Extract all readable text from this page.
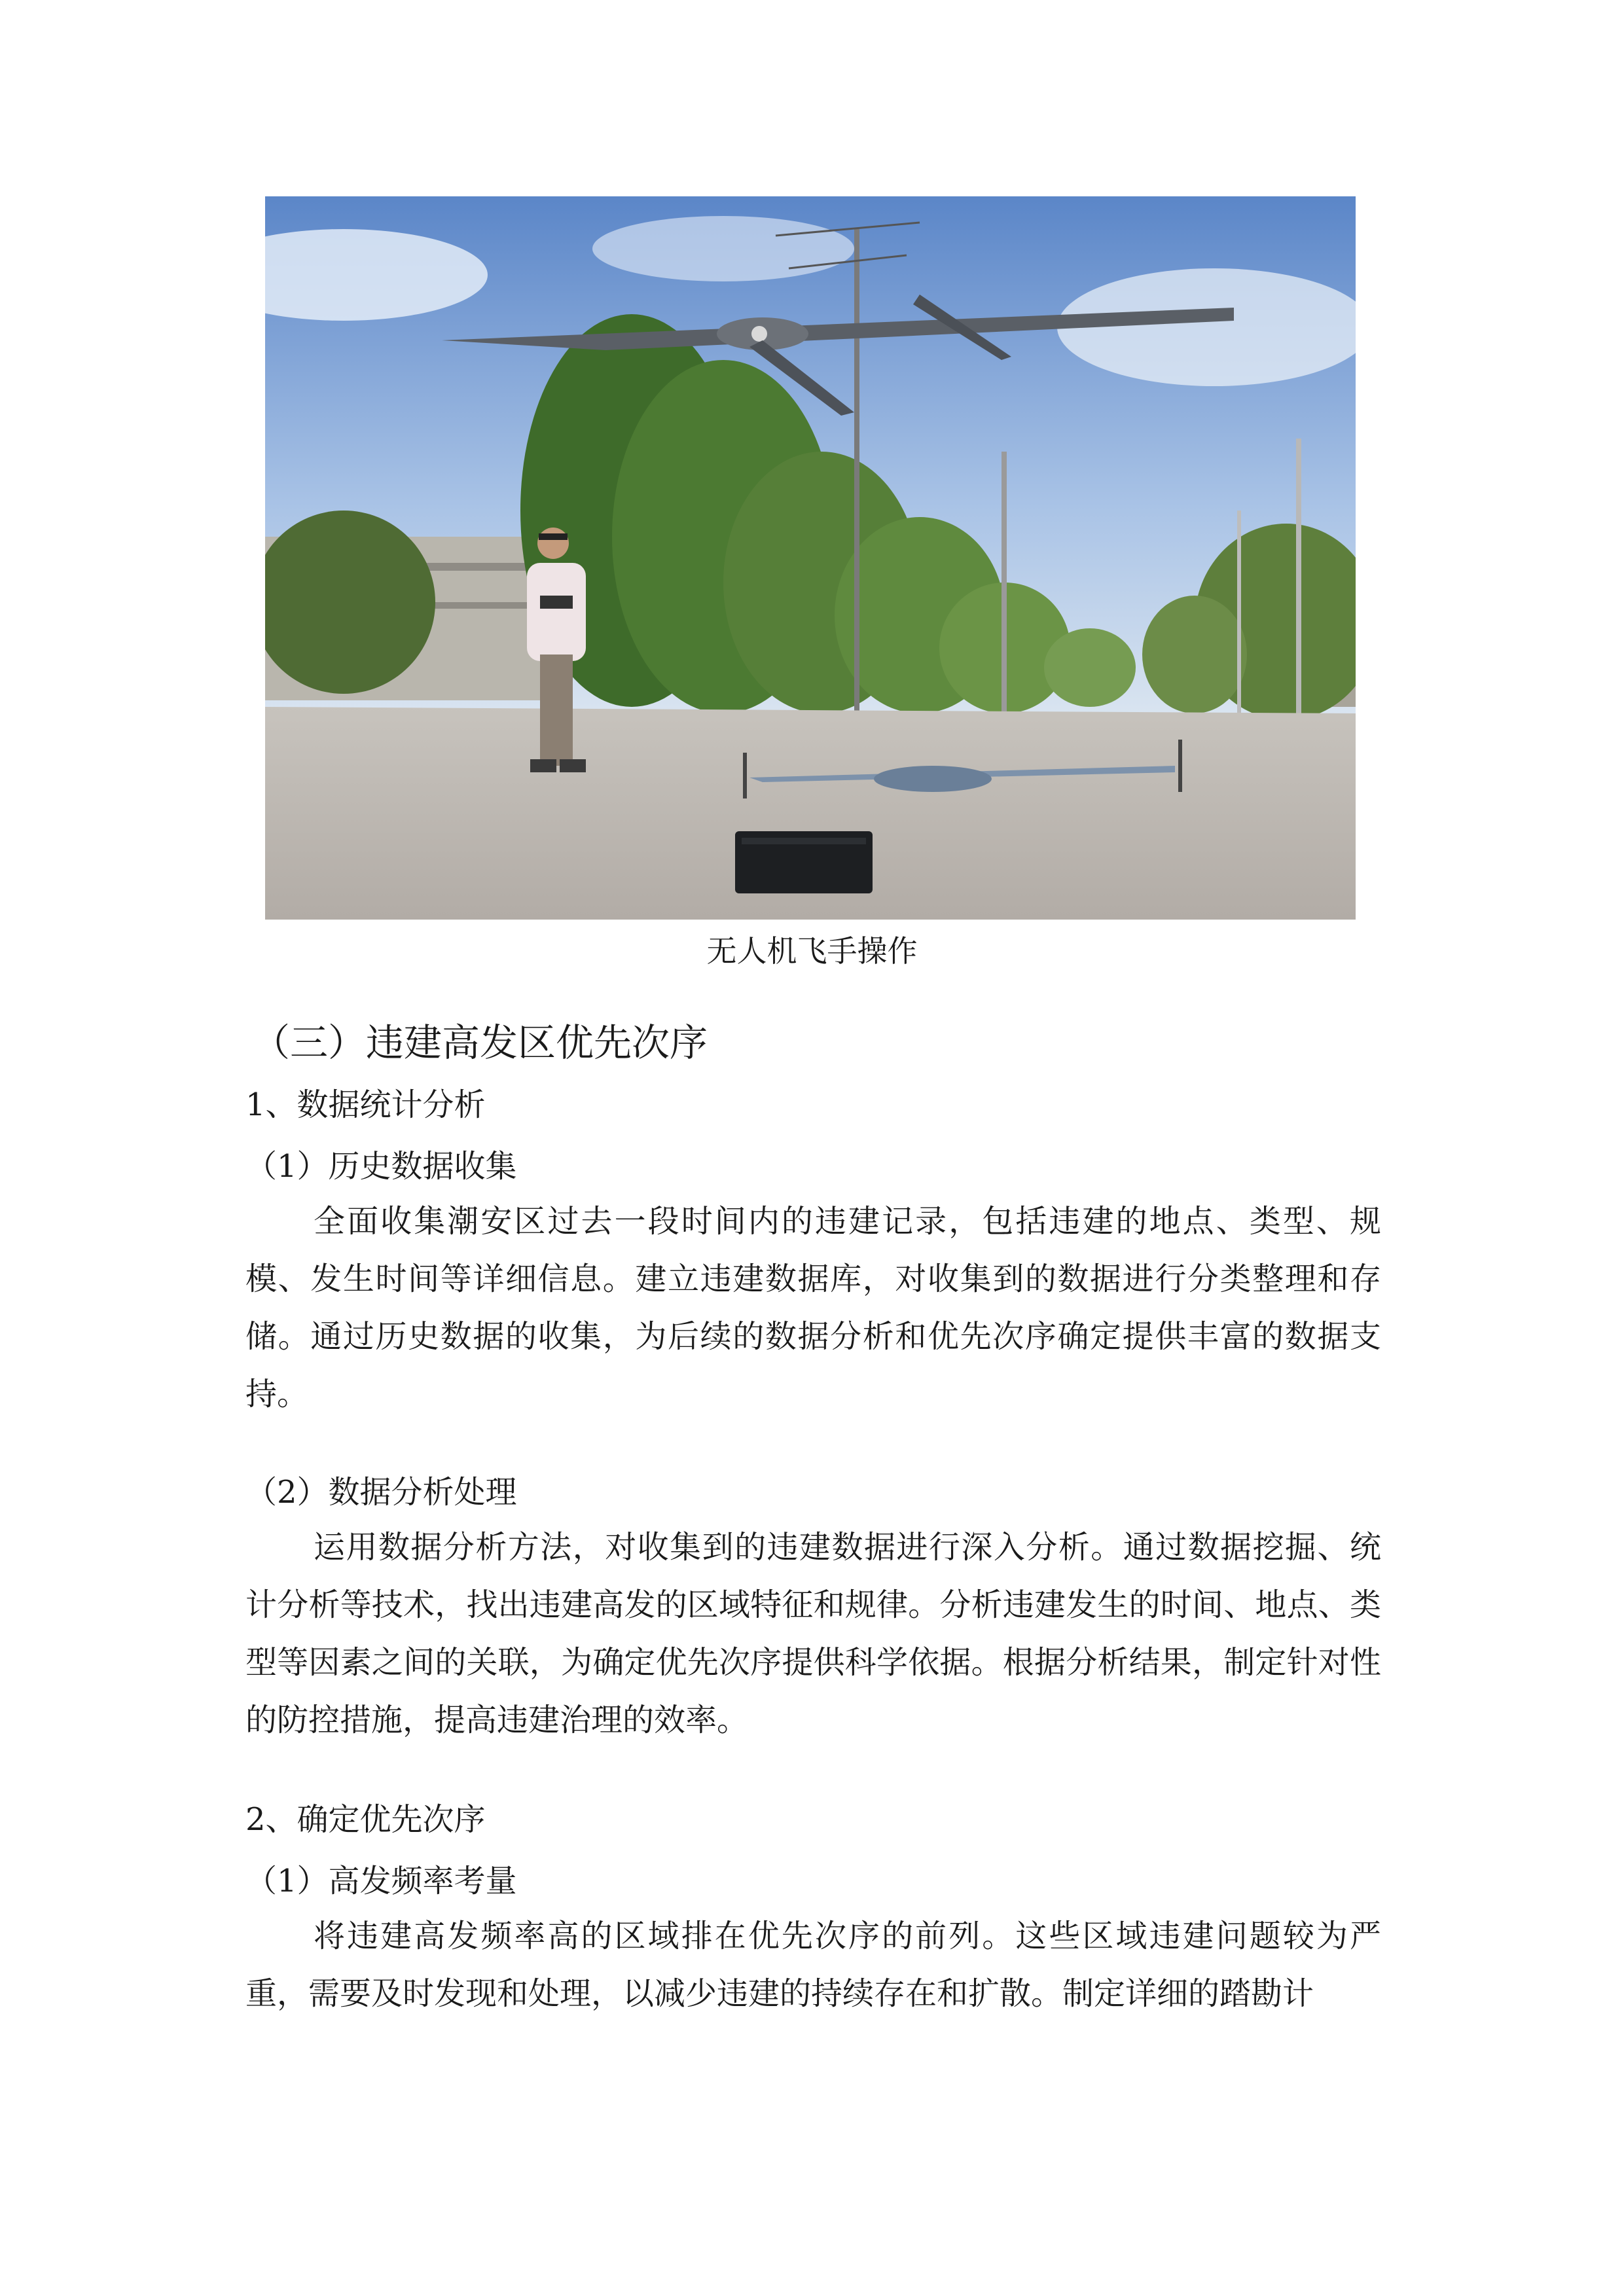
无人机飞手操作
（三）违建高发区优先次序
1、数据统计分析
（1）历史数据收集

全面收集潮安区过去一段时间内的违建记录，包括违建的地点、类型、规模、发生时间等详细信息。建立违建数据库，对收集到的数据进行分类整理和存储。通过历史数据的收集，为后续的数据分析和优先次序确定提供丰富的数据支持。

（2）数据分析处理

运用数据分析方法，对收集到的违建数据进行深入分析。通过数据挖掘、统计分析等技术，找出违建高发的区域特征和规律。分析违建发生的时间、地点、类型等因素之间的关联，为确定优先次序提供科学依据。根据分析结果，制定针对性的防控措施，提高违建治理的效率。

2、确定优先次序
（1）高发频率考量

将违建高发频率高的区域排在优先次序的前列。这些区域违建问题较为严重，需要及时发现和处理，以减少违建的持续存在和扩散。制定详细的踏勘计
